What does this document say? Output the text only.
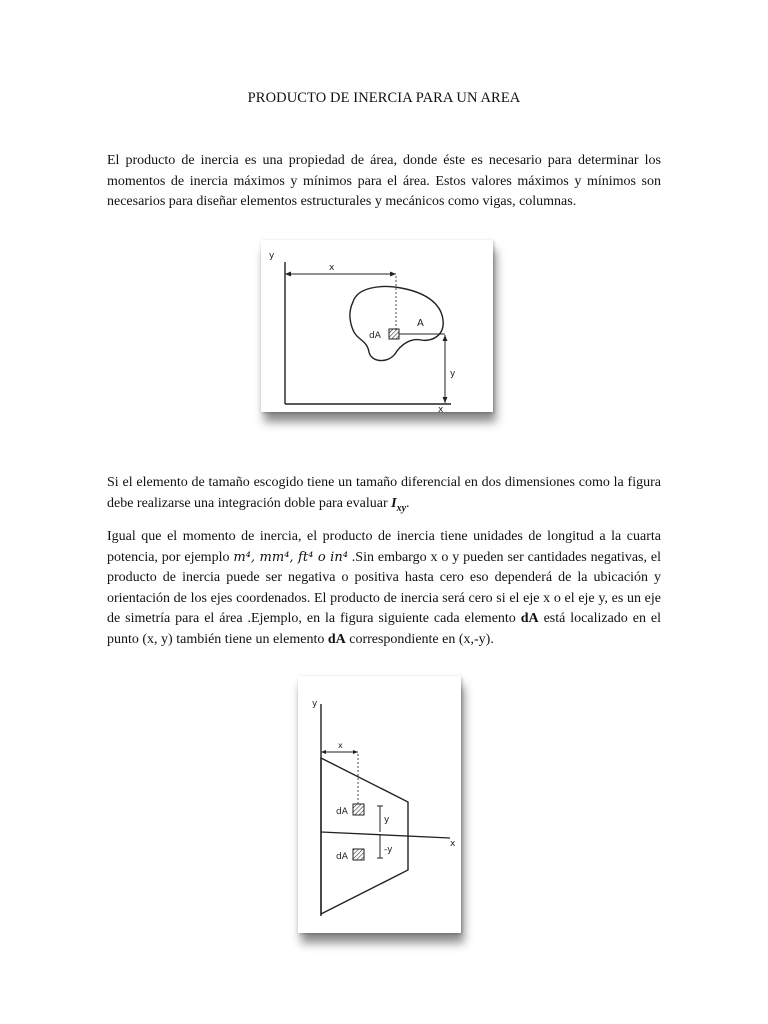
PRODUCTO DE INERCIA PARA UN AREA

El producto de inercia es una propiedad de área, donde éste es necesario para determinar los momentos de inercia máximos y mínimos para el área. Estos valores máximos y mínimos son necesarios para diseñar elementos estructurales y mecánicos como vigas, columnas.

y
x
x
dA
A
y

Si el elemento de tamaño escogido tiene un tamaño diferencial en dos dimensiones como la figura debe realizarse una integración doble para evaluar $I_{xy}$.

Igual que el momento de inercia, el producto de inercia tiene unidades de longitud a la cuarta potencia, por ejemplo m⁴, mm⁴, ft⁴ o in⁴ .Sin embargo x o y pueden ser cantidades negativas, el producto de inercia puede ser negativa o positiva hasta cero eso dependerá de la ubicación y orientación de los ejes coordenados. El producto de inercia será cero si el eje x o el eje y, es un eje de simetría para el área .Ejemplo, en la figura siguiente cada elemento dA está localizado en el punto (x, y) también tiene un elemento dA correspondiente en (x,-y).

y
x
x
dA
dA
y
-y
